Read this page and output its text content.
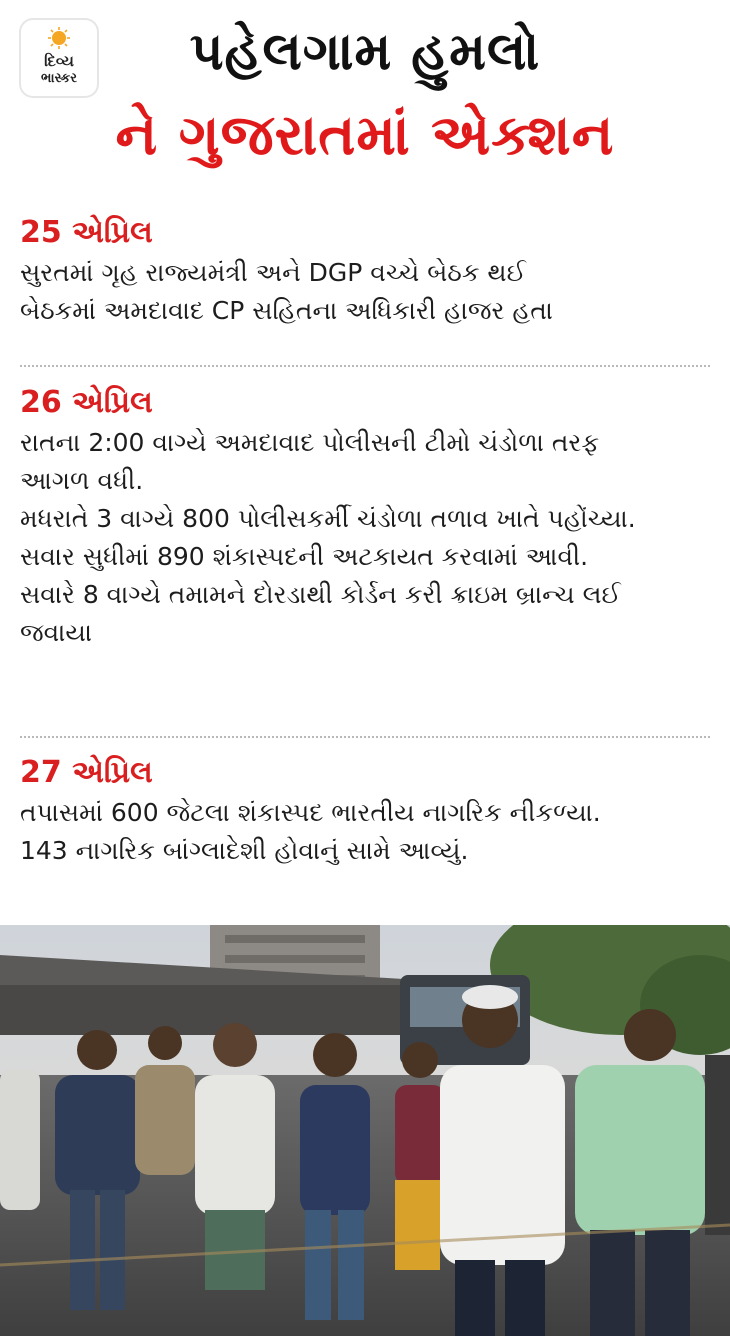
દિવ્ય
ભાસ્કર	પહેલગામ હુમલો
ને ગુજરાતમાં એક્શન
25 એપ્રિલ
સુરતમાં ગૃહ રાજ્યમંત્રી અને DGP વચ્ચે બેઠક થઈ
બેઠકમાં અમદાવાદ CP સહિતના અધિકારી હાજર હતા
26 એપ્રિલ
રાતના 2:00 વાગ્યે અમદાવાદ પોલીસની ટીમો ચંડોળા તરફ
આગળ વધી.
મધરાતે 3 વાગ્યે 800 પોલીસકર્મી ચંડોળા તળાવ ખાતે પહોંચ્યા.
સવાર સુધીમાં 890 શંકાસ્પદની અટકાયત કરવામાં આવી.
સવારે 8 વાગ્યે તમામને દોરડાથી કોર્ડન કરી ક્રાઇમ બ્રાન્ચ લઈ
જવાયા
27 એપ્રિલ
તપાસમાં 600 જેટલા શંકાસ્પદ ભારતીય નાગરિક નીકળ્યા.
143 નાગરિક બાંગ્લાદેશી હોવાનું સામે આવ્યું.
